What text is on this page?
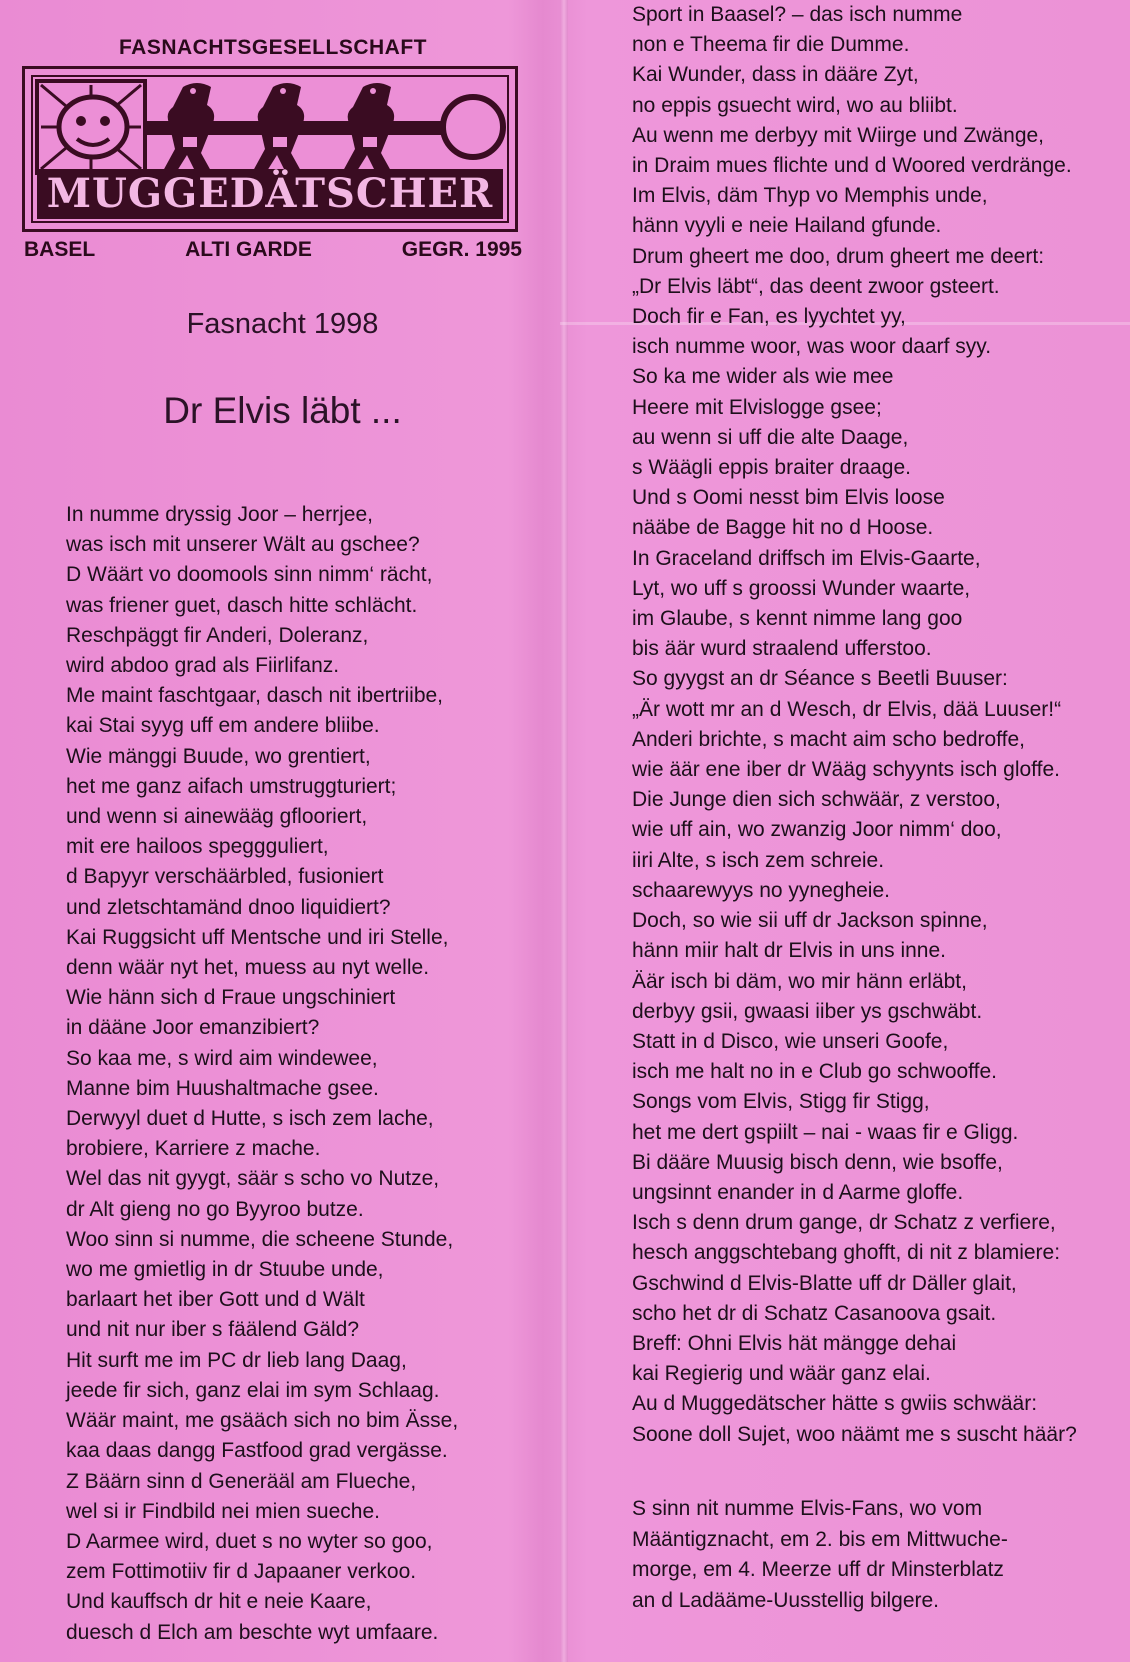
FASNACHTSGESELLSCHAFT
MUGGEDÄTSCHER
BASEL	ALTI GARDE	GEGR. 1995
Fasnacht 1998
Dr Elvis läbt ...
In numme dryssig Joor – herrjee,
was isch mit unserer Wält au gschee?
D Wäärt vo doomools sinn nimm‘ rächt,
was friener guet, dasch hitte schlächt.
Reschpäggt fir Anderi, Doleranz,
wird abdoo grad als Fiirlifanz.
Me maint faschtgaar, dasch nit ibertriibe,
kai Stai syyg uff em andere bliibe.
Wie mänggi Buude, wo grentiert,
het me ganz aifach umstruggturiert;
und wenn si ainewääg gflooriert,
mit ere hailoos speggguliert,
d Bapyyr verschäärbled, fusioniert
und zletschtamänd dnoo liquidiert?
Kai Ruggsicht uff Mentsche und iri Stelle,
denn wäär nyt het, muess au nyt welle.
Wie hänn sich d Fraue ungschiniert
in dääne Joor emanzibiert?
So kaa me, s wird aim windewee,
Manne bim Huushaltmache gsee.
Derwyyl duet d Hutte, s isch zem lache,
brobiere, Karriere z mache.
Wel das nit gyygt, säär s scho vo Nutze,
dr Alt gieng no go Byyroo butze.
Woo sinn si numme, die scheene Stunde,
wo me gmietlig in dr Stuube unde,
barlaart het iber Gott und d Wält
und nit nur iber s fäälend Gäld?
Hit surft me im PC dr lieb lang Daag,
jeede fir sich, ganz elai im sym Schlaag.
Wäär maint, me gsääch sich no bim Ässe,
kaa daas dangg Fastfood grad vergässe.
Z Bäärn sinn d Generääl am Flueche,
wel si ir Findbild nei mien sueche.
D Aarmee wird, duet s no wyter so goo,
zem Fottimotiiv fir d Japaaner verkoo.
Und kauffsch dr hit e neie Kaare,
duesch d Elch am beschte wyt umfaare.
Sport in Baasel? – das isch numme
non e Theema fir die Dumme.
Kai Wunder, dass in dääre Zyt,
no eppis gsuecht wird, wo au bliibt.
Au wenn me derbyy mit Wiirge und Zwänge,
in Draim mues flichte und d Woored verdränge.
Im Elvis, däm Thyp vo Memphis unde,
hänn vyyli e neie Hailand gfunde.
Drum gheert me doo, drum gheert me deert:
„Dr Elvis läbt“, das deent zwoor gsteert.
Doch fir e Fan, es lyychtet yy,
isch numme woor, was woor daarf syy.
So ka me wider als wie mee
Heere mit Elvislogge gsee;
au wenn si uff die alte Daage,
s Wäägli eppis braiter draage.
Und s Oomi nesst bim Elvis loose
nääbe de Bagge hit no d Hoose.
In Graceland driffsch im Elvis-Gaarte,
Lyt, wo uff s groossi Wunder waarte,
im Glaube, s kennt nimme lang goo
bis äär wurd straalend ufferstoo.
So gyygst an dr Séance s Beetli Buuser:
„Är wott mr an d Wesch, dr Elvis, dää Luuser!“
Anderi brichte, s macht aim scho bedroffe,
wie äär ene iber dr Wääg schyynts isch gloffe.
Die Junge dien sich schwäär, z verstoo,
wie uff ain, wo zwanzig Joor nimm‘ doo,
iiri Alte, s isch zem schreie.
schaarewyys no yynegheie.
Doch, so wie sii uff dr Jackson spinne,
hänn miir halt dr Elvis in uns inne.
Äär isch bi däm, wo mir hänn erläbt,
derbyy gsii, gwaasi iiber ys gschwäbt.
Statt in d Disco, wie unseri Goofe,
isch me halt no in e Club go schwooffe.
Songs vom Elvis, Stigg fir Stigg,
het me dert gspiilt – nai - waas fir e Gligg.
Bi dääre Muusig bisch denn, wie bsoffe,
ungsinnt enander in d Aarme gloffe.
Isch s denn drum gange, dr Schatz z verfiere,
hesch anggschtebang ghofft, di nit z blamiere:
Gschwind d Elvis-Blatte uff dr Däller glait,
scho het dr di Schatz Casanoova gsait.
Breff: Ohni Elvis hät mängge dehai
kai Regierig und wäär ganz elai.
Au d Muggedätscher hätte s gwiis schwäär:
Soone doll Sujet, woo näämt me s suscht häär?
S sinn nit numme Elvis-Fans, wo vom
Määntigznacht, em 2. bis em Mittwuche-
morge, em 4. Meerze uff dr Minsterblatz
an d Ladääme-Uusstellig bilgere.
